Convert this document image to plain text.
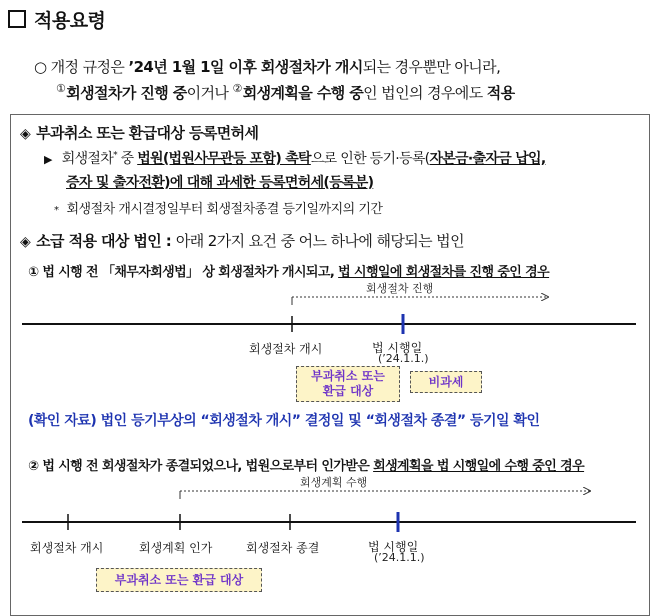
적용요령
○ 개정 규정은 ’24년 1월 1일 이후 회생절차가 개시되는 경우뿐만 아니라,
①회생절차가 진행 중이거나 ②회생계획을 수행 중인 법인의 경우에도 적용
◈ 부과취소 또는 환급대상 등록면허세
▶ 회생절차* 중 법원(법원사무관등 포함) 촉탁으로 인한 등기·등록(자본금·출자금 납입,
증자 및 출자전환)에 대해 과세한 등록면허세(등록분)
* 회생절차 개시결정일부터 회생절차종결 등기일까지의 기간
◈ 소급 적용 대상 법인 : 아래 2가지 요건 중 어느 하나에 해당되는 법인
① 법 시행 전 「채무자회생법」 상 회생절차가 개시되고, 법 시행일에 회생절차를 진행 중인 경우
회생절차 진행
회생절차 개시	법 시행일
(’24.1.1.)
부과취소 또는
환급 대상
비과세
(확인 자료) 법인 등기부상의 “회생절차 개시” 결정일 및 “회생절차 종결” 등기일 확인
② 법 시행 전 회생절차가 종결되었으나, 법원으로부터 인가받은 회생계획을 법 시행일에 수행 중인 경우
회생계획 수행
회생절차 개시	회생계획 인가	회생절차 종결	법 시행일
(’24.1.1.)
부과취소 또는 환급 대상
